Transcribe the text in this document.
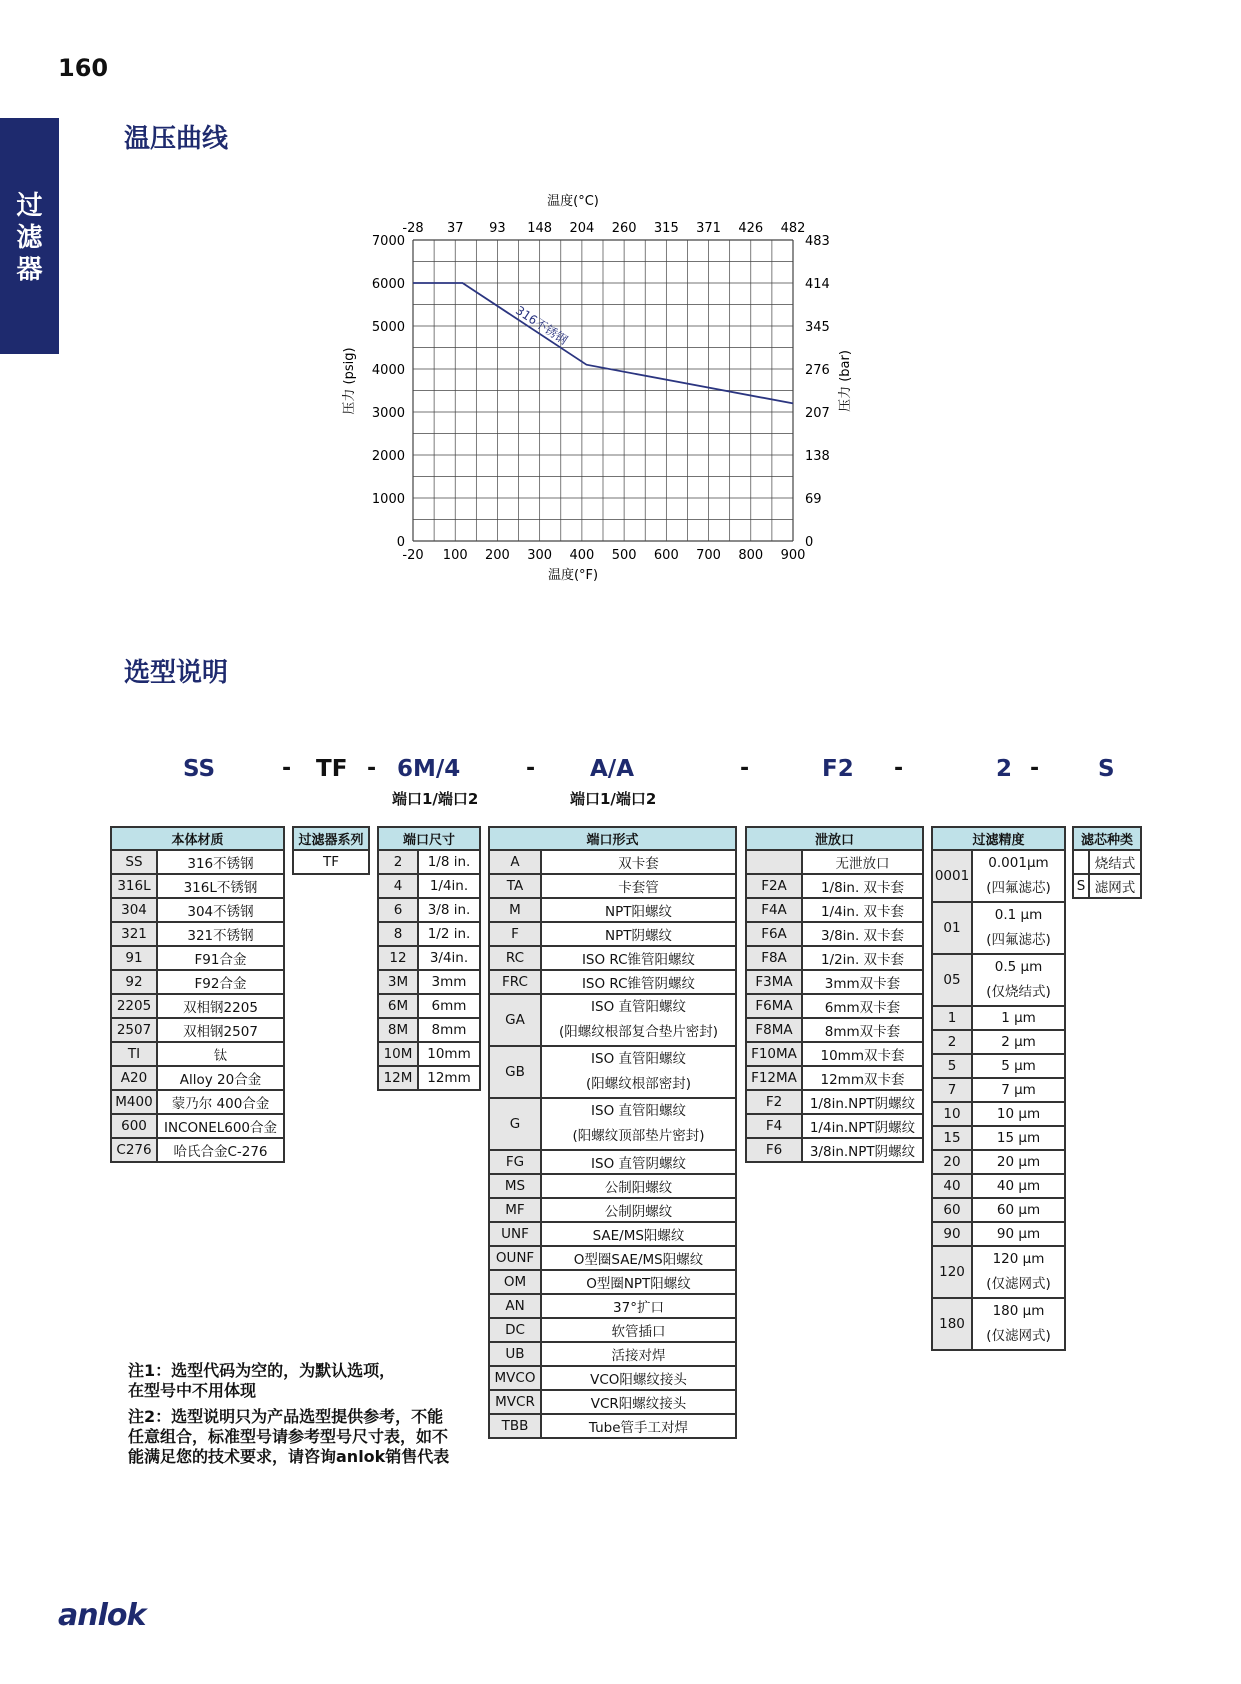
160
过
滤
器
温压曲线
选型说明
-20 100 200 300 400 500 600 700 800 900
-28 37 93 148 204 260 315 371 426 482
7000
6000
5000
4000
3000
2000
1000
0
483
414
345
276
207
138
69
0
316不锈钢
温度(°C)
温度(°F)
压力 (psig)	压力 (bar)
SS	- TF - 6M/4	- A/A	-	F2 -	2 -	S
端口1/端口2	端口1/端口2
本体材质	
SS	316不锈钢
316L	316L不锈钢
304	304不锈钢
321	321不锈钢
91	F91合金
92	F92合金
2205	双相钢2205
2507	双相钢2507
TI	钛
A20	Alloy 20合金
M400	蒙乃尔 400合金
600	INCONEL600合金
C276	哈氏合金C-276
过滤器系列
TF
端口尺寸	
2	1/8 in.
4	1/4in.
6	3/8 in.
8	1/2 in.
12	3/4in.
3M	3mm
6M	6mm
8M	8mm
10M	10mm
12M	12mm
端口形式	
A	双卡套
TA	卡套管
M	NPT阳螺纹
F	NPT阴螺纹
RC	ISO RC锥管阳螺纹
FRC	ISO RC锥管阴螺纹
GA	ISO 直管阳螺纹
(阳螺纹根部复合垫片密封)

GB	ISO 直管阳螺纹
(阳螺纹根部密封)

G	ISO 直管阳螺纹
(阳螺纹顶部垫片密封)

FG	ISO 直管阴螺纹
MS	公制阳螺纹
MF	公制阴螺纹
UNF	SAE/MS阳螺纹
OUNF	O型圈SAE/MS阳螺纹
OM	O型圈NPT阳螺纹
AN	37°扩口
DC	软管插口
UB	活接对焊
MVCO	VCO阳螺纹接头
MVCR	VCR阳螺纹接头
TBB	Tube管手工对焊
泄放口	
	无泄放口
F2A	1/8in. 双卡套
F4A	1/4in. 双卡套
F6A	3/8in. 双卡套
F8A	1/2in. 双卡套
F3MA	3mm双卡套
F6MA	6mm双卡套
F8MA	8mm双卡套
F10MA	10mm双卡套
F12MA	12mm双卡套
F2	1/8in.NPT阴螺纹
F4	1/4in.NPT阴螺纹
F6	3/8in.NPT阴螺纹
过滤精度	
0001	0.001μm
(四氟滤芯)

01	0.1 μm
(四氟滤芯)

05	0.5 μm
(仅烧结式)

1	1 μm
2	2 μm
5	5 μm
7	7 μm
10	10 μm
15	15 μm
20	20 μm
40	40 μm
60	60 μm
90	90 μm
120	120 μm
(仅滤网式)

180	180 μm
(仅滤网式)
滤芯种类	
	烧结式
S	滤网式
注1：选型代码为空的，为默认选项，
在型号中不用体现
注2：选型说明只为产品选型提供参考，不能
任意组合，标准型号请参考型号尺寸表，如不
能满足您的技术要求，请咨询anlok销售代表
anlok
